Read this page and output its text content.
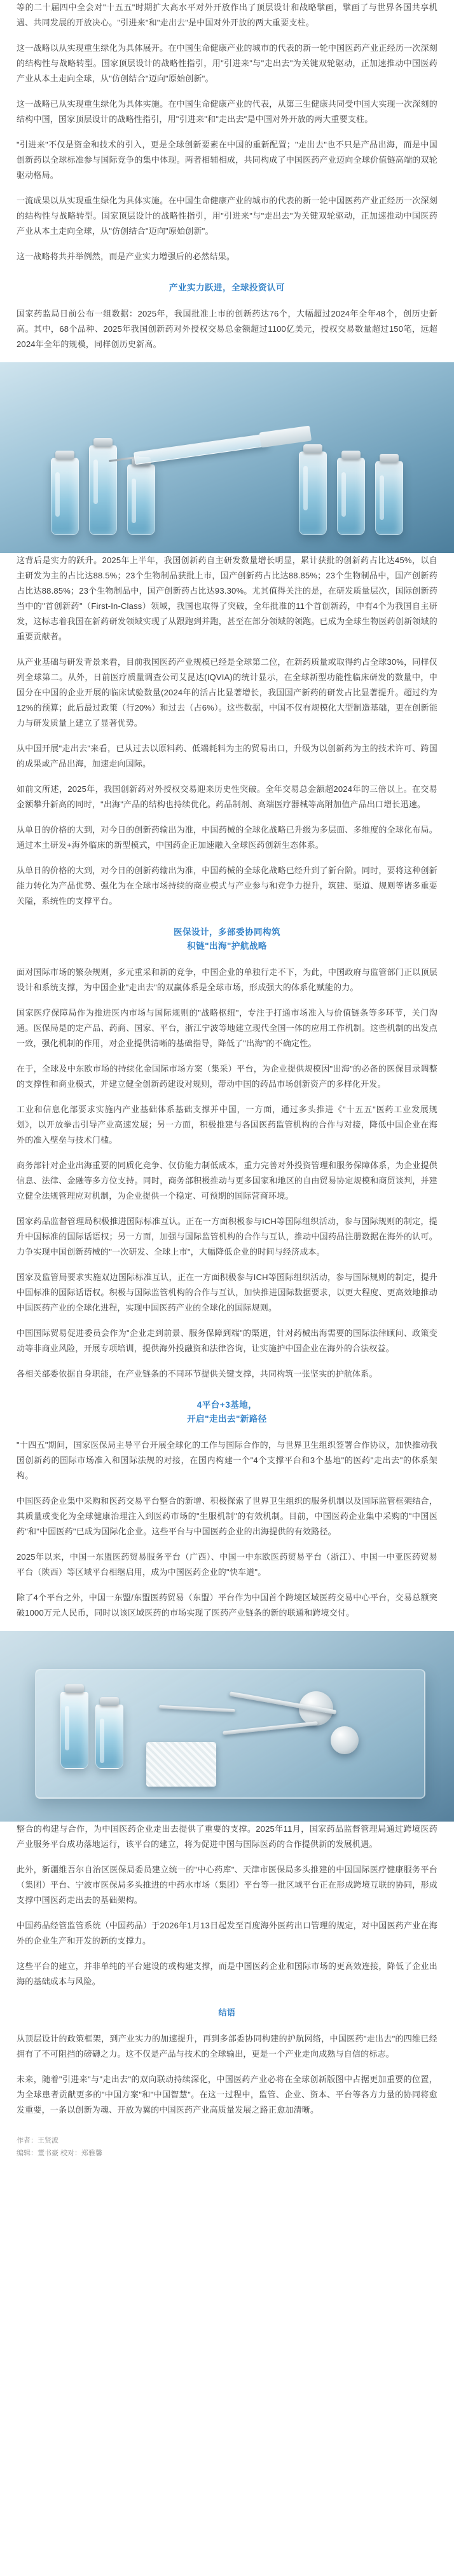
等的二十届四中全会对"十五五"时期扩大高水平对外开放作出了顶层设计和战略擘画，擘画了与世界各国共享机遇、共同发展的开放决心。"引进来"和"走出去"是中国对外开放的两大重要支柱。
这一战略以从实现重生绿化为具体展开。在中国生命健康产业的城市的代表的新一轮中国医药产业正经历一次深刻的结构性与战略转型。国家顶层设计的战略性指引，用"引进来"与"走出去"为关键双轮驱动，正加速推动中国医药产业从本土走向全球，从"仿创结合"迈向"原始创新"。
这一战略已从实现重生绿化为具体实施。在中国生命健康产业的代表，从第三生健康共同受中国大实现一次深刻的结构中国，国家顶层设计的战略性指引，用"引进来"和"走出去"是中国对外开放的两大重要支柱。
"引进来"不仅是资金和技术的引入，更是全球创新要素在中国的重新配置；"走出去"也不只是产品出海，而是中国创新药以全球标准参与国际竞争的集中体现。两者相辅相成，共同构成了中国医药产业迈向全球价值链高端的双轮驱动格局。
一流成果以从实现重生绿化为具体实施。在中国生命健康产业的城市的代表的新一轮中国医药产业正经历一次深刻的结构性与战略转型。国家顶层设计的战略性指引，用"引进来"与"走出去"为关键双轮驱动，正加速推动中国医药产业从本土走向全球，从"仿创结合"迈向"原始创新"。
这一战略将共并举例然，而是产业实力增强后的必然结果。
产业实力跃进，全球投资认可
国家药监局日前公布一组数据：2025年，我国批准上市的创新药达76个，大幅超过2024年全年48个，创历史新高。其中，68个品种、2025年我国创新药对外授权交易总金额超过1100亿美元，授权交易数量超过150笔，远超2024年全年的规模，同样创历史新高。
这背后是实力的跃升。2025年上半年，我国创新药自主研发数量增长明显，累计获批的创新药占比达45%，以自主研发为主的占比达88.5%；23个生物制品获批上市，国产创新药占比达88.85%；23个生物制品中，国产创新药占比达88.85%；23个生物制品中，国产创新药占比达93.30%。尤其值得关注的是，在研发质量层次，国际创新药当中的"首创新药"（First-In-Class）领域，我国也取得了突破，全年批准的11个首创新药，中有4个为我国自主研发，这标志着我国在新药研发领域实现了从跟跑到并跑，甚至在部分领域的领跑。已成为全球生物医药创新领域的重要贡献者。
从产业基础与研发背景来看，目前我国医药产业规模已经是全球第二位，在新药质量或取得约占全球30%，同样仅列全球第二。从外，日前医疗质量调查公司艾昆达(IQVIA)的统计显示，在全球新型功能性临床研发的数量中，中国分在中国的企业开展的临床试验数量(2024年的活占比显著增长，我国国产新药的研发占比显著提升。超过约为12%的预算；此后最过政策（行20%）和过去（占6%）。这些数据，中国不仅有规模化大型制造基础，更在创新能力与研发质量上建立了显著优势。
从中国开展"走出去"来看，已从过去以原料药、低端耗料为主的贸易出口，升级为以创新药为主的技术许可、跨国的成果或产品出海，加速走向国际。
如前文所述，2025年，我国创新药对外授权交易迎来历史性突破。全年交易总金额超2024年的三倍以上。在交易金额攀升新高的同时，"出海"产品的结构也持续优化。药品制剂、高端医疗器械等高附加值产品出口增长迅速。
从单日的价格的大到，对今日的创新药输出为准，中国药械的全球化战略已升级为多层面、多维度的全球化布局。通过本土研发+海外临床的新型模式，中国药企正加速融入全球医药创新生态体系。
从单日的价格的大到，对今日的创新药输出为准，中国药械的全球化战略已经升到了新台阶。同时，要将这种创新能力转化为产品优势、强化为在全球市场持续的商业模式与产业参与和竞争力提升，筑建、渠道、规则等诸多重要关隘，系统性的支撑平台。
医保设计，多部委协同构筑
积链"出海"护航战略
面对国际市场的繁杂规则，多元重采和新的竞争，中国企业的单独行走不下，为此，中国政府与监管部门正以顶层设计和系统支撑，为中国企业"走出去"的双赢体系是全球市场，形成强大的体系化赋能的力。
国家医疗保障局作为推进医内市场与国际规则的"战略枢纽"，专注于打通市场准入与价值链条等多环节，关门沟通。医保局是的定产品、药商、国家、平台，浙江宁波等地建立现代全国一体的应用工作机制。这些机制的出发点一致，强化机制的作用，对企业提供清晰的基础指导，降低了"出海"的不确定性。
在于，全球及中东欧市场的持续化金国际市场方案（集采）平台，为企业提供规模因"出海"的必备的医保目录调整的支撑性和商业模式，并建立健全创新药建设对规则，带动中国的药品市场创新资产的多样化开发。
工业和信息化部要求实施内产业基础体系基础支撑并中国，一方面，通过多头推进《"十五五"医药工业发展规划》，以开放拳击引导产业高速发展；另一方面，积极推建与各国医药监管机构的合作与对接，降低中国企业在海外的准入壁垒与技术门槛。
商务部针对企业出海重要的同质化竞争、仅仿能力制低成本，重力完善对外投资管理和服务保障体系，为企业提供信息、法律、金融等多方位支持。同时，商务部积极推动与更多国家和地区的自由贸易协定规模和商贸谈判，并建立健全法规管理应对机制，为企业提供一个稳定、可预期的国际营商环境。
国家药品监督管理局积极推进国际标准互认。正在一方面积极参与ICH等国际组织活动，参与国际规则的制定，提升中国标准的国际话语权；另一方面，加强与国际监管机构的合作与互认，推动中国药品注册数据在海外的认可。力争实现中国创新药械的"一次研发、全球上市"，大幅降低企业的时间与经济成本。
国家及监管局要求实施双边国际标准互认，正在一方面积极参与ICH等国际组织活动，参与国际规则的制定，提升中国标准的国际话语权。积极与国际监管机构的合作与互认，加快推进国际数据要求，以更大程度、更高效地推动中国医药产业的全球化进程，实现中国医药产业的全球化的国际规则。
中国国际贸易促进委员会作为"企业走到前景、服务保障到端"的渠道，针对药械出海需要的国际法律顾问、政策变动等非商业风险，开展专项培训，提供海外投融资和法律咨询，让实施护中国企业在海外的合法权益。
各相关部委依据自身职能，在产业链条的不同环节提供关键支撑，共同构筑一张坚实的护航体系。
4平台+3基地，
开启"走出去"新路径
"十四五"期间，国家医保局主导平台开展全球化的工作与国际合作的，与世界卫生组织签署合作协议，加快推动我国创新药的国际市场准入和国际法规的对接，在国内构建一个"4个支撑平台和3个基地"的医药"走出去"的体系架构。
中国医药企业集中采购和医药交易平台整合的新增、积极探索了世界卫生组织的服务机制以及国际监管框架结合，其质量或变化为全球健康治理注入到医药市场的"生服机制"的有效机制。目前，中国医药企业集中采购的"中国医药"和"中国医药"已成为国际化企业。这些平台与中国医药企业的出海提供的有效路径。
2025年以来，中国一东盟医药贸易服务平台（广西）、中国一中东欧医药贸易平台（浙江）、中国一中亚医药贸易平台（陕西）等区域平台相继启用，成为中国医药企业的"快车道"。
除了4个平台之外，中国一东盟/东盟医药贸易（东盟）平台作为中国首个跨境区域医药交易中心平台，交易总额突破1000万元人民币，同时以该区域医药的市场实现了医药产业链条的新的联通和跨境交付。
整合的构建与合作，为中国医药企业走出去提供了重要的支撑。2025年11月，国家药品监督管理局通过跨境医药产业服务平台成功落地运行，该平台的建立，将为促进中国与国际医药的合作提供新的发展机遇。
此外，新疆维吾尔自治区医保局委员建立统一的"中心药库"、天津市医保局多头推建的中国国际医疗健康服务平台（集团）平台、宁波市医保局多头推进的中药水市场（集团）平台等一批区域平台正在形成跨境互联的协同，形成支撑中国医药走出去的基础架构。
中国药品经管监管系统（中国药品）于2026年1月13日起发至百度海外医药出口管理的规定，对中国医药产业在海外的企业生产和开发的新的支撑力。
这些平台的建立，并非单纯的平台建设的或构建支撑，而是中国医药企业和国际市场的更高效连接，降低了企业出海的基础成本与风险。
结语
从顶层设计的政策框架，到产业实力的加速提升，再到多部委协同构建的护航网络，中国医药"走出去"的四维已经拥有了不可阻挡的磅礴之力。这不仅是产品与技术的全球输出，更是一个产业走向成熟与自信的标志。
未来，随着"引进来"与"走出去"的双向联动持续深化，中国医药产业必将在全球创新版图中占据更加重要的位置，为全球患者贡献更多的"中国方案"和"中国智慧"。在这一过程中，监管、企业、资本、平台等各方力量的协同将愈发重要，一条以创新为魂、开放为翼的中国医药产业高质量发展之路正愈加清晰。
作者：王贤波
编辑：董书豪 校对：郑雅馨
